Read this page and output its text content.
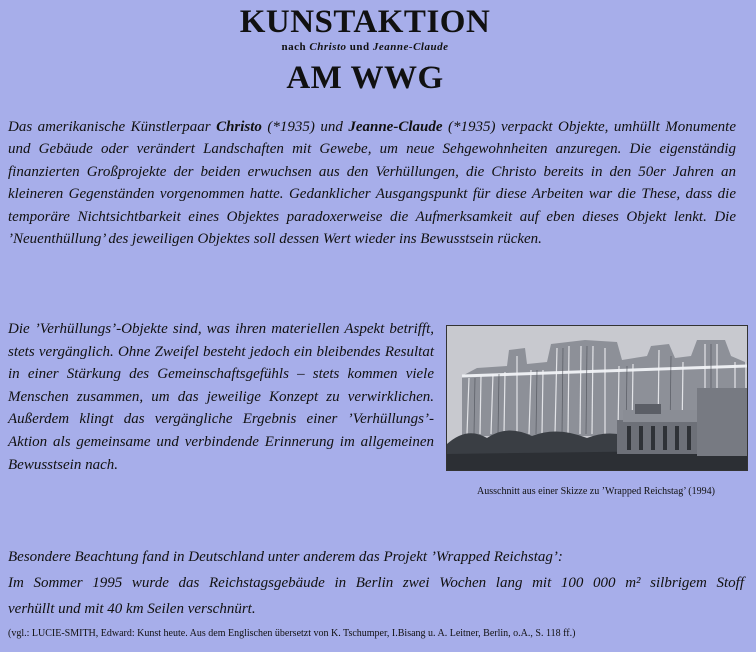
KUNSTAKTION
nach Christo und Jeanne-Claude
AM WWG
Das amerikanische Künstlerpaar Christo (*1935) und Jeanne-Claude (*1935) verpackt Objekte, umhüllt Monumente und Gebäude oder verändert Landschaften mit Gewebe, um neue Sehgewohnheiten anzuregen. Die eigenständig finanzierten Großprojekte der beiden erwuchsen aus den Verhüllungen, die Christo bereits in den 50er Jahren an kleineren Gegenständen vorgenommen hatte. Gedanklicher Ausgangspunkt für diese Arbeiten war die These, dass die temporäre Nichtsichtbarkeit eines Objektes paradoxerweise die Aufmerksamkeit auf eben dieses Objekt lenkt. Die ’Neuenthüllung’ des jeweiligen Objektes soll dessen Wert wieder ins Bewusstsein rücken.
Die ’Verhüllungs’-Objekte sind, was ihren materiellen Aspekt betrifft, stets vergänglich. Ohne Zweifel besteht jedoch ein bleibendes Resultat in einer Stärkung des Gemeinschaftsgefühls – stets kommen viele Menschen zusammen, um das jeweilige Konzept zu verwirklichen. Außerdem klingt das vergängliche Ergebnis einer ’Verhüllungs’-Aktion als gemeinsame und verbindende Erinnerung im allgemeinen Bewusstsein nach.
Ausschnitt aus einer Skizze zu ’Wrapped Reichstag’ (1994)
Besondere Beachtung fand in Deutschland unter anderem das Projekt ’Wrapped Reichstag’:
Im Sommer 1995 wurde das Reichstagsgebäude in Berlin zwei Wochen lang mit 100 000 m² silbrigem Stoff
verhüllt und mit 40 km Seilen verschnürt.
(vgl.: LUCIE-SMITH, Edward: Kunst heute. Aus dem Englischen übersetzt von K. Tschumper, I.Bisang u. A. Leitner, Berlin, o.A., S. 118 ff.)
